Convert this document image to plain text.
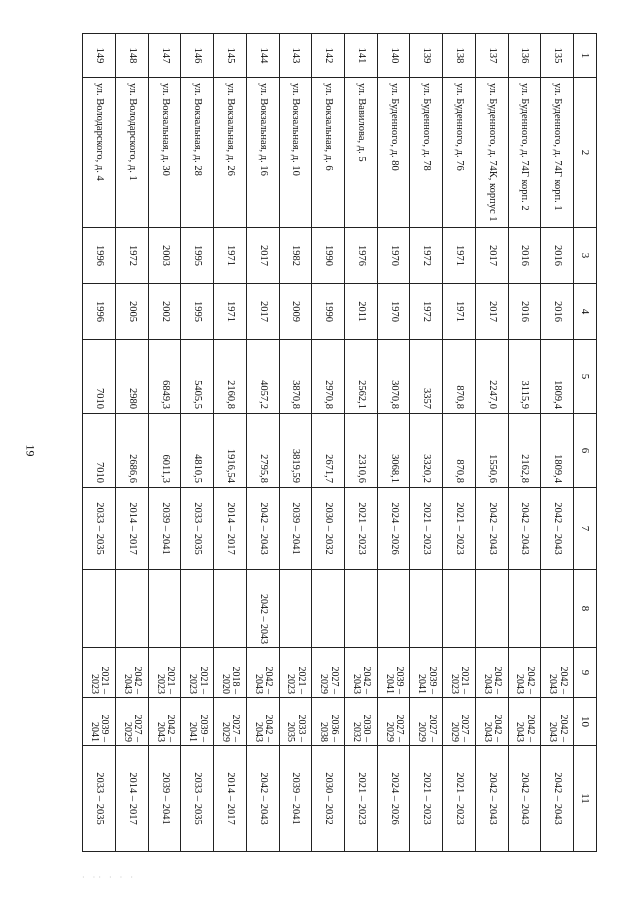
19
1	2	3	4	5	6	7	8	9	10	11
135	ул. Буденного, д. 74Г корп. 1	2016	2016	1809,4	1809,4	2042 – 2043		2042 – 2043	2042 – 2043	2042 – 2043
136	ул. Буденного, д. 74Г корп. 2	2016	2016	3115,9	2162,8	2042 – 2043		2042 – 2043	2042 – 2043	2042 – 2043
137	ул. Буденного, д. 74К, корпус 1	2017	2017	2247,0	1550,6	2042 – 2043		2042 – 2043	2042 – 2043	2042 – 2043
138	ул. Буденного, д. 76	1971	1971	870,8	870,8	2021 – 2023		2021 – 2023	2027 – 2029	2021 – 2023
139	ул. Буденного, д. 78	1972	1972	3357	3320,2	2021 – 2023		2039 – 2041	2027 – 2029	2021 – 2023
140	ул. Буденного, д. 80	1970	1970	3070,8	3068,1	2024 – 2026		2039 – 2041	2027 – 2029	2024 – 2026
141	ул. Вавилова, д. 5	1976	2011	2562,1	2310,6	2021 – 2023		2042 – 2043	2030 – 2032	2021 – 2023
142	ул. Вокзальная, д. 6	1990	1990	2970,8	2671,7	2030 – 2032		2027 – 2029	2036 – 2038	2030 – 2032
143	ул. Вокзальная, д. 10	1982	2009	3870,8	3819,59	2039 – 2041		2021 – 2023	2033 – 2035	2039 – 2041
144	ул. Вокзальная, д. 16	2017	2017	4057,2	2795,8	2042 – 2043	2042 – 2043	2042 – 2043	2042 – 2043	2042 – 2043
145	ул. Вокзальная, д. 26	1971	1971	2160,8	1916,54	2014 – 2017		2018 – 2020	2027 – 2029	2014 – 2017
146	ул. Вокзальная, д. 28	1995	1995	5405,5	4810,5	2033 – 2035		2021 – 2023	2039 – 2041	2033 – 2035
147	ул. Вокзальная, д. 30	2003	2002	6849,3	6011,3	2039 – 2041		2021 – 2023	2042 – 2043	2039 – 2041
148	ул. Володарского, д. 1	1972	2005	2980	2686,6	2014 – 2017		2042 – 2043	2027 – 2029	2014 – 2017
149	ул. Володарского, д. 4	1996	1996	7010	7010	2033 – 2035		2021 – 2023	2039 – 2041	2033 – 2035
· ·· · · ·
